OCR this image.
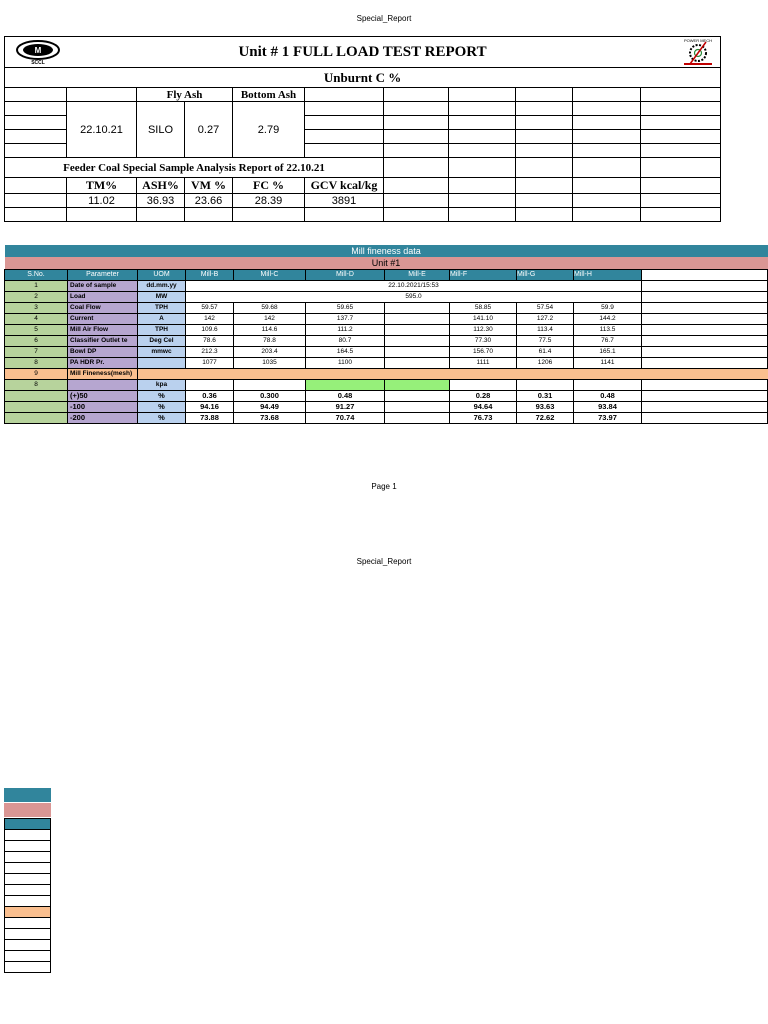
Special_Report
Unit # 1 FULL LOAD TEST REPORT
M
SCCL
POWER MECH										

Unburnt C %										
		Fly Ash		Bottom Ash						
	22.10.21	SILO	0.27	2.79						

Feeder Coal Special Sample Analysis Report of 22.10.21										
	TM%	ASH%	VM %	FC %	GCV kcal/kg					
	11.02	36.93	23.66	28.39	3891					

Mill fineness data										
Unit #1										
S.No.	Parameter	UOM	Mill-B	Mill-C	Mill-D	Mill-E	Mill-F	Mill-G	Mill-H	
1	Date of sample	dd.mm.yy	22.10.2021/15:53							
2	Load	MW	595.0							
3	Coal Flow	TPH	59.57	59.68	59.65		58.85	57.54	59.9	
4	Current	A	142	142	137.7		141.10	127.2	144.2	
5	Mill Air Flow	TPH	109.6	114.6	111.2		112.30	113.4	113.5	
6	Classifier Outlet te	Deg Cel	78.6	78.8	80.7		77.30	77.5	76.7	
7	Bowl DP	mmwc	212.3	203.4	164.5		156.70	61.4	165.1	
8	PA HDR Pr.		1077	1035	1100		1111	1206	1141	
9	Mill Fineness(mesh)									
8		kpa								
	(+)50	%	0.36	0.300	0.48		0.28	0.31	0.48	
	-100	%	94.16	94.49	91.27		94.64	93.63	93.84	
	-200	%	73.88	73.68	70.74		76.73	72.62	73.97	
Page 1
Special_Report
